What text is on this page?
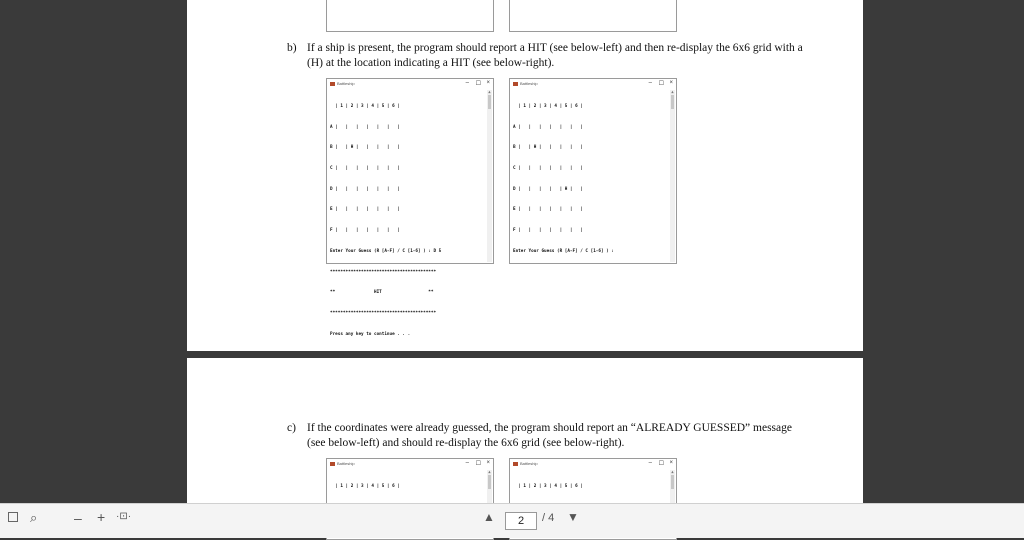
b) If a ship is present, the program should report a HIT (see below-left) and then re-display the 6x6 grid with a (H) at the location indicating a HIT (see below-right).
Battleship	– ☐ ×

| 1 | 2 | 3 | 4 | 5 | 6 |

A |   |   |   |   |   |   |

B |   | H |   |   |   |   |

C |   |   |   |   |   |   |

D |   |   |   |   |   |   |

E |   |   |   |   |   |   |

F |   |   |   |   |   |   |

Enter Your Guess (R [A-F] / C [1-6] ) : D 5

*****************************************

**               HIT                  **

*****************************************

Press any key to continue . . .

▲
Battleship	– ☐ ×

| 1 | 2 | 3 | 4 | 5 | 6 |

A |   |   |   |   |   |   |

B |   | H |   |   |   |   |

C |   |   |   |   |   |   |

D |   |   |   |   | H |   |

E |   |   |   |   |   |   |

F |   |   |   |   |   |   |

Enter Your Guess (R [A-F] / C [1-6] ) :

▲
c) If the coordinates were already guessed, the program should report an “ALREADY GUESSED” message (see below-left) and should re-display the 6x6 grid (see below-right).
Battleship	– ☐ ×

| 1 | 2 | 3 | 4 | 5 | 6 |

▲
Battleship	– ☐ ×

| 1 | 2 | 3 | 4 | 5 | 6 |

▲
⌕	– + ·⊡·	▲	2	/ 4 ▼
